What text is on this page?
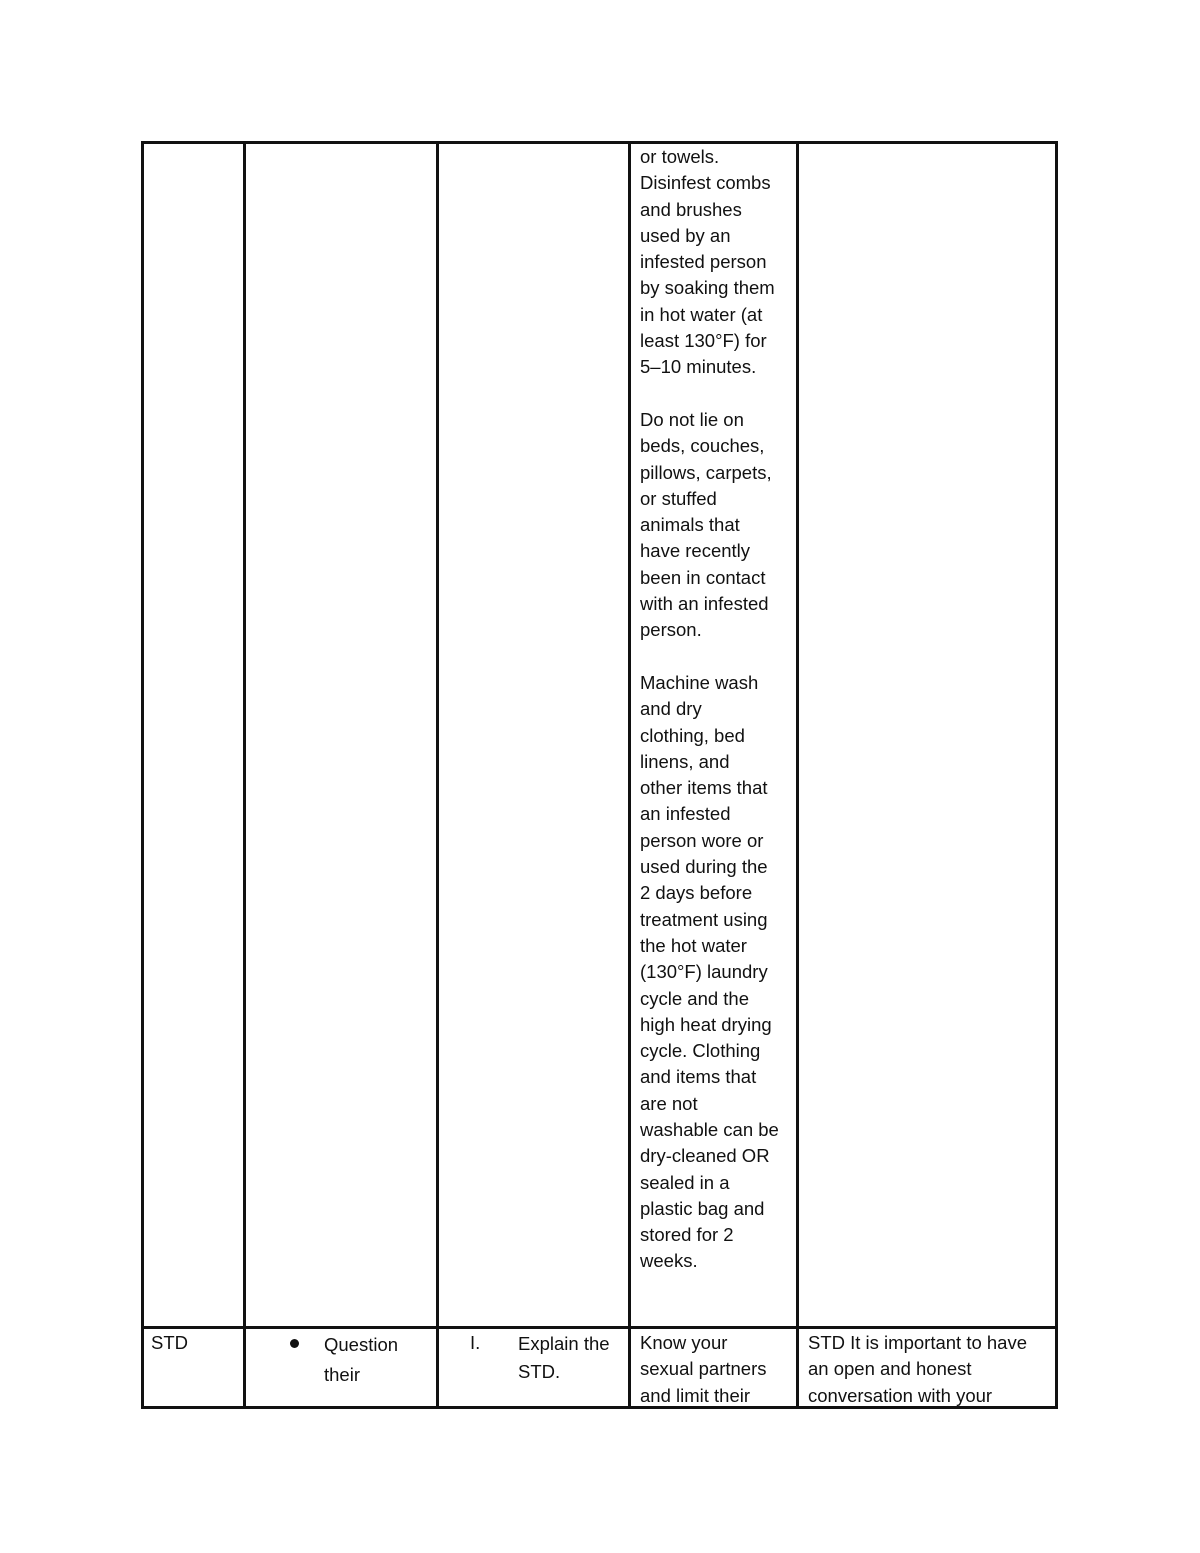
or towels.
Disinfest combs
and brushes
used by an
infested person
by soaking them
in hot water (at
least 130°F) for
5–10 minutes.
Do not lie on
beds, couches,
pillows, carpets,
or stuffed
animals that
have recently
been in contact
with an infested
person.
Machine wash
and dry
clothing, bed
linens, and
other items that
an infested
person wore or
used during the
2 days before
treatment using
the hot water
(130°F) laundry
cycle and the
high heat drying
cycle. Clothing
and items that
are not
washable can be
dry-cleaned OR
sealed in a
plastic bag and
stored for 2
weeks.
STD	Question
their
I. Explain the
STD.
Know your
sexual partners
and limit their
STD It is important to have
an open and honest
conversation with your
